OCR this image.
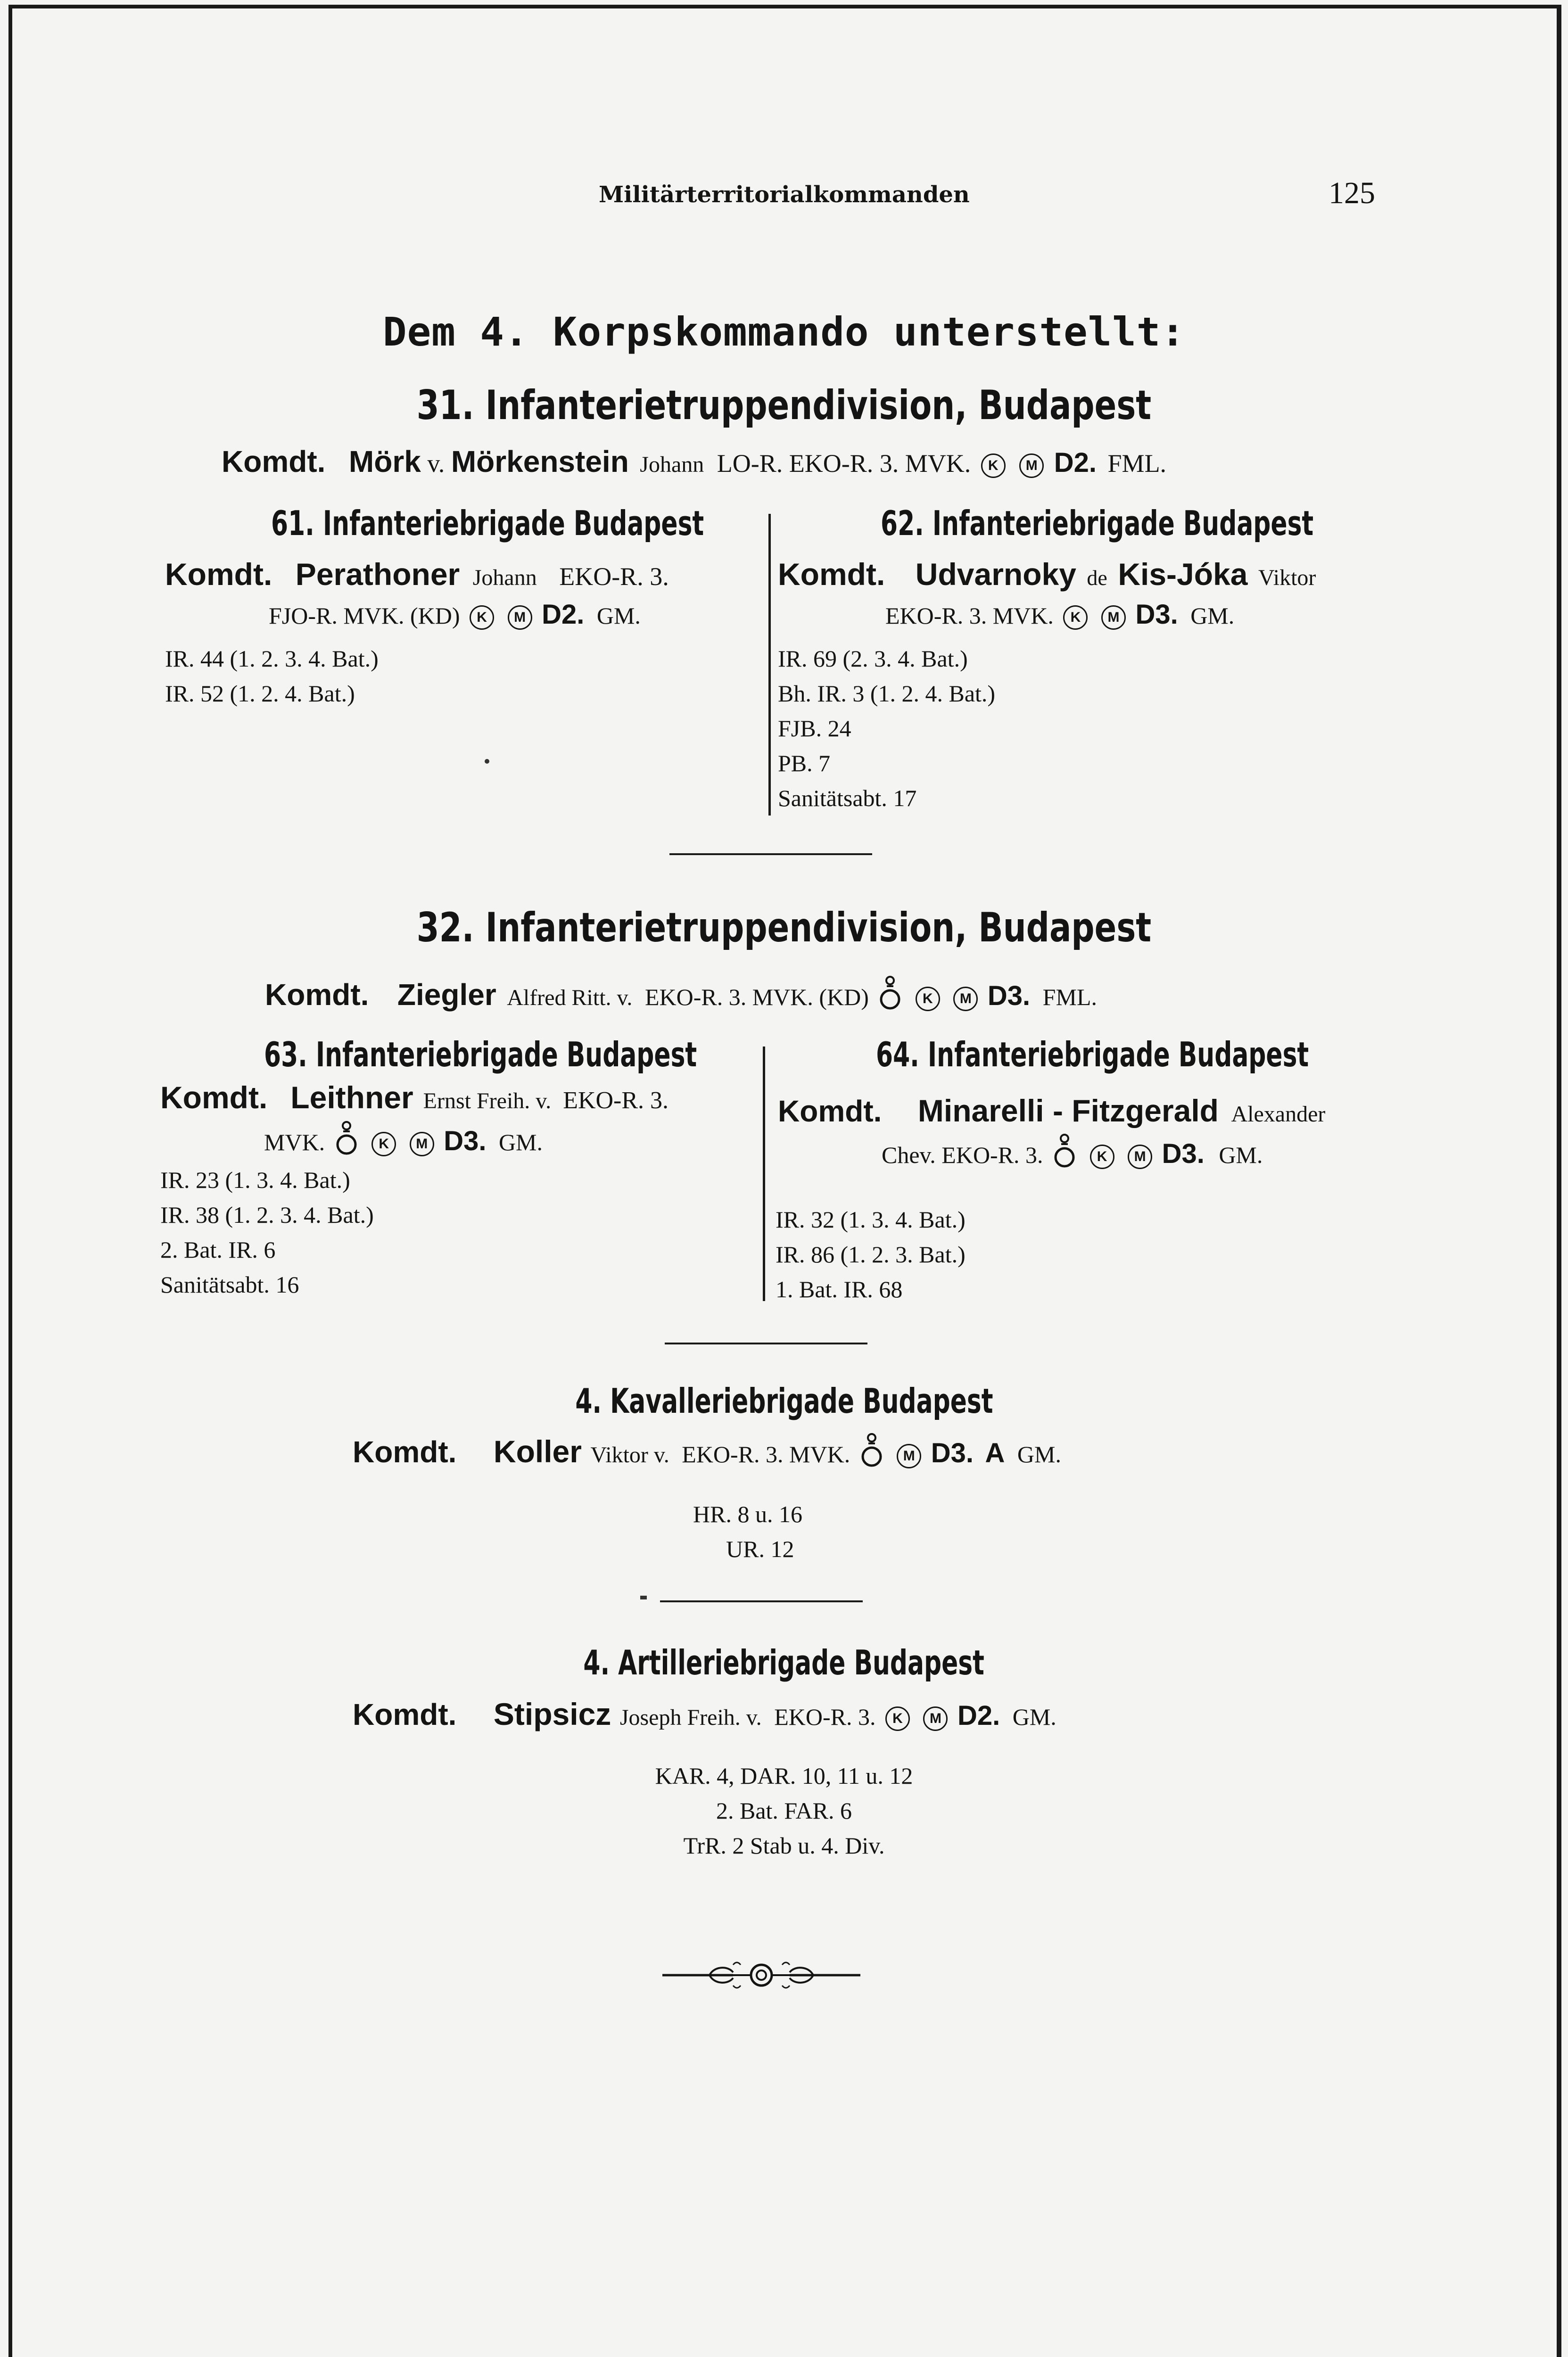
Militärterritorialkommanden	125
Dem 4. Korpskommando unterstellt:
31. Infanterietruppendivision, Budapest
Komdt. Mörk v. Mörkenstein Johann LO-R. EKO-R. 3. MVK. K M D2. FML.
61. Infanteriebrigade Budapest
Komdt. Perathoner Johann EKO-R. 3.
FJO-R. MVK. (KD) K M D2. GM.
IR. 44 (1. 2. 3. 4. Bat.)
IR. 52 (1. 2. 4. Bat.)
62. Infanteriebrigade Budapest
Komdt. Udvarnoky de Kis-Jóka Viktor
EKO-R. 3. MVK. K M D3. GM.
IR. 69 (2. 3. 4. Bat.)
Bh. IR. 3 (1. 2. 4. Bat.)
FJB. 24
PB. 7
Sanitätsabt. 17
32. Infanterietruppendivision, Budapest
Komdt. Ziegler Alfred Ritt. v. EKO-R. 3. MVK. (KD)	K M D3. FML.
63. Infanteriebrigade Budapest
Komdt. Leithner Ernst Freih. v. EKO-R. 3.
MVK.	K M D3. GM.
IR. 23 (1. 3. 4. Bat.)
IR. 38 (1. 2. 3. 4. Bat.)
2. Bat. IR. 6
Sanitätsabt. 16
64. Infanteriebrigade Budapest
Komdt. Minarelli - Fitzgerald Alexander
Chev. EKO-R. 3.	K M D3. GM.
IR. 32 (1. 3. 4. Bat.)
IR. 86 (1. 2. 3. Bat.)
1. Bat. IR. 68
4. Kavalleriebrigade Budapest
Komdt. Koller Viktor v. EKO-R. 3. MVK.	M D3. A GM.
HR. 8 u. 16
UR. 12
4. Artilleriebrigade Budapest
Komdt. Stipsicz Joseph Freih. v. EKO-R. 3. K M D2. GM.
KAR. 4, DAR. 10, 11 u. 12
2. Bat. FAR. 6
TrR. 2 Stab u. 4. Div.
